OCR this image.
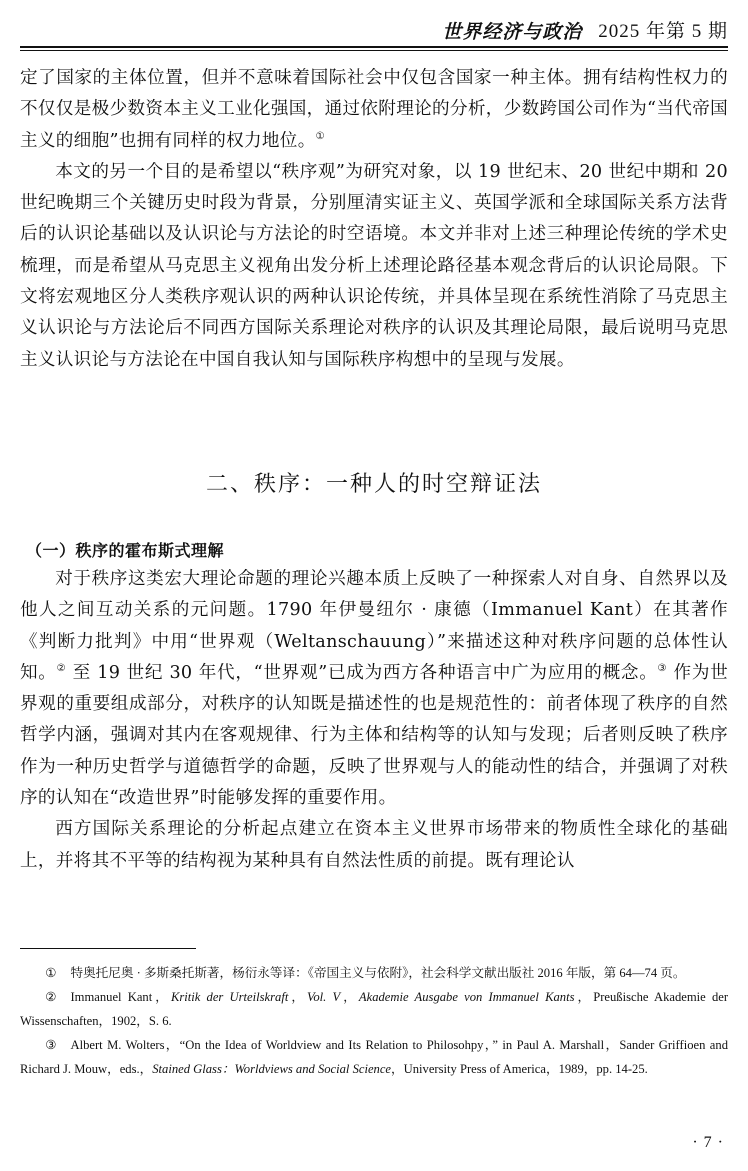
世界经济与政治 2025 年第 5 期

定了国家的主体位置，但并不意味着国际社会中仅包含国家一种主体。拥有结构性权力的不仅仅是极少数资本主义工业化强国，通过依附理论的分析，少数跨国公司作为“当代帝国主义的细胞”也拥有同样的权力地位。①

本文的另一个目的是希望以“秩序观”为研究对象，以 19 世纪末、20 世纪中期和 20 世纪晚期三个关键历史时段为背景，分别厘清实证主义、英国学派和全球国际关系方法背后的认识论基础以及认识论与方法论的时空语境。本文并非对上述三种理论传统的学术史梳理，而是希望从马克思主义视角出发分析上述理论路径基本观念背后的认识论局限。下文将宏观地区分人类秩序观认识的两种认识论传统，并具体呈现在系统性消除了马克思主义认识论与方法论后不同西方国际关系理论对秩序的认识及其理论局限，最后说明马克思主义认识论与方法论在中国自我认知与国际秩序构想中的呈现与发展。

二、秩序：一种人的时空辩证法
（一）秩序的霍布斯式理解

对于秩序这类宏大理论命题的理论兴趣本质上反映了一种探索人对自身、自然界以及他人之间互动关系的元问题。1790 年伊曼纽尔 · 康德（Immanuel Kant）在其著作《判断力批判》中用“世界观（Weltanschauung）”来描述这种对秩序问题的总体性认知。② 至 19 世纪 30 年代，“世界观”已成为西方各种语言中广为应用的概念。③ 作为世界观的重要组成部分，对秩序的认知既是描述性的也是规范性的：前者体现了秩序的自然哲学内涵，强调对其内在客观规律、行为主体和结构等的认知与发现；后者则反映了秩序作为一种历史哲学与道德哲学的命题，反映了世界观与人的能动性的结合，并强调了对秩序的认知在“改造世界”时能够发挥的重要作用。

西方国际关系理论的分析起点建立在资本主义世界市场带来的物质性全球化的基础上，并将其不平等的结构视为某种具有自然法性质的前提。既有理论认

① 特奥托尼奥 · 多斯桑托斯著，杨衍永等译：《帝国主义与依附》，社会科学文献出版社 2016 年版，第 64—74 页。

② Immanuel Kant，Kritik der Urteilskraft，Vol. V，Akademie Ausgabe von Immanuel Kants，Preußische Akademie der Wissenschaften，1902，S. 6.

③ Albert M. Wolters，“On the Idea of Worldview and Its Relation to Philosohpy，” in Paul A. Marshall，Sander Griffioen and Richard J. Mouw，eds.，Stained Glass：Worldviews and Social Science，University Press of America，1989，pp. 14-25.

· 7 ·
